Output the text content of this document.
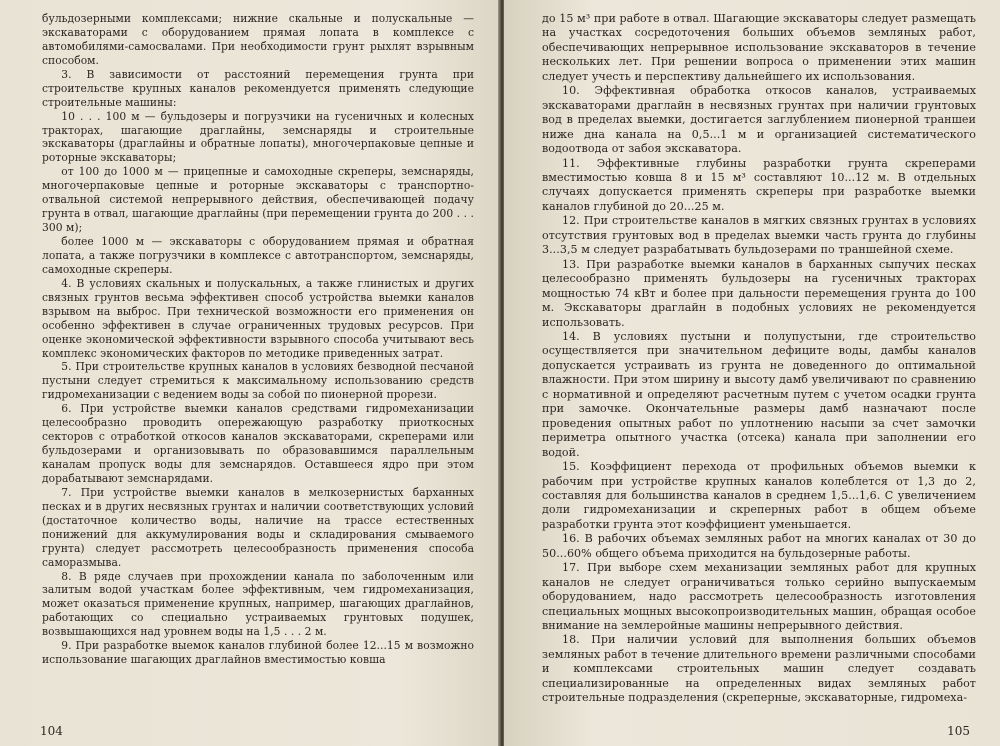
бульдозерными комплексами; нижние скальные и полускальные — экскаваторами с оборудованием прямая лопата в комплексе с автомобилями-самосвалами. При необходимости грунт рыхлят взрывным способом.

3. В зависимости от расстояний перемещения грунта при строительстве крупных каналов рекомендуется применять следующие строительные машины:

10 . . . 100 м — бульдозеры и погрузчики на гусеничных и колесных тракторах, шагающие драглайны, земснаряды и строительные экскаваторы (драглайны и обратные лопаты), многочерпаковые цепные и роторные экскаваторы;

от 100 до 1000 м — прицепные и самоходные скреперы, земснаряды, многочерпаковые цепные и роторные экскаваторы с транспортно-отвальной системой непрерывного действия, обеспечивающей подачу грунта в отвал, шагающие драглайны (при перемещении грунта до 200 . . . 300 м);

более 1000 м — экскаваторы с оборудованием прямая и обратная лопата, а также погрузчики в комплексе с автотранспортом, земснаряды, самоходные скреперы.

4. В условиях скальных и полускальных, а также глинистых и других связных грунтов весьма эффективен способ устройства выемки каналов взрывом на выброс. При технической возможности его применения он особенно эффективен в случае ограниченных трудовых ресурсов. При оценке экономической эффективности взрывного способа учитывают весь комплекс экономических факторов по методике приведенных затрат.

5. При строительстве крупных каналов в условиях безводной песчаной пустыни следует стремиться к максимальному использованию средств гидромеханизации с ведением воды за собой по пионерной прорези.

6. При устройстве выемки каналов средствами гидромеханизации целесообразно проводить опережающую разработку приоткосных секторов с отработкой откосов каналов экскаваторами, скреперами или бульдозерами и организовывать по образовавшимся параллельным каналам пропуск воды для земснарядов. Оставшееся ядро при этом дорабатывают земснарядами.

7. При устройстве выемки каналов в мелкозернистых барханных песках и в других несвязных грунтах и наличии соответствующих условий (достаточное количество воды, наличие на трассе естественных понижений для аккумулирования воды и складирования смываемого грунта) следует рассмотреть целесообразность применения способа саморазмыва.

8. В ряде случаев при прохождении канала по заболоченным или залитым водой участкам более эффективным, чем гидромеханизация, может оказаться применение крупных, например, шагающих драглайнов, работающих со специально устраиваемых грунтовых подушек, возвышающихся над уровнем воды на 1,5 . . . 2 м.

9. При разработке выемок каналов глубиной более 12...15 м возможно использование шагающих драглайнов вместимостью ковша

104

до 15 м³ при работе в отвал. Шагающие экскаваторы следует размещать на участках сосредоточения больших объемов земляных работ, обеспечивающих непрерывное использование экскаваторов в течение нескольких лет. При решении вопроса о применении этих машин следует учесть и перспективу дальнейшего их использования.

10. Эффективная обработка откосов каналов, устраиваемых экскаваторами драглайн в несвязных грунтах при наличии грунтовых вод в пределах выемки, достигается заглублением пионерной траншеи ниже дна канала на 0,5...1 м и организацией систематического водоотвода от забоя экскаватора.

11. Эффективные глубины разработки грунта скреперами вместимостью ковша 8 и 15 м³ составляют 10...12 м. В отдельных случаях допускается применять скреперы при разработке выемки каналов глубиной до 20...25 м.

12. При строительстве каналов в мягких связных грунтах в условиях отсутствия грунтовых вод в пределах выемки часть грунта до глубины 3...3,5 м следует разрабатывать бульдозерами по траншейной схеме.

13. При разработке выемки каналов в барханных сыпучих песках целесообразно применять бульдозеры на гусеничных тракторах мощностью 74 кВт и более при дальности перемещения грунта до 100 м. Экскаваторы драглайн в подобных условиях не рекомендуется использовать.

14. В условиях пустыни и полупустыни, где строительство осуществляется при значительном дефиците воды, дамбы каналов допускается устраивать из грунта не доведенного до оптимальной влажности. При этом ширину и высоту дамб увеличивают по сравнению с нормативной и определяют расчетным путем с учетом осадки грунта при замочке. Окончательные размеры дамб назначают после проведения опытных работ по уплотнению насыпи за счет замочки периметра опытного участка (отсека) канала при заполнении его водой.

15. Коэффициент перехода от профильных объемов выемки к рабочим при устройстве крупных каналов колеблется от 1,3 до 2, составляя для большинства каналов в среднем 1,5...1,6. С увеличением доли гидромеханизации и скреперных работ в общем объеме разработки грунта этот коэффициент уменьшается.

16. В рабочих объемах земляных работ на многих каналах от 30 до 50...60% общего объема приходится на бульдозерные работы.

17. При выборе схем механизации земляных работ для крупных каналов не следует ограничиваться только серийно выпускаемым оборудованием, надо рассмотреть целесообразность изготовления специальных мощных высокопроизводительных машин, обращая особое внимание на землеройные машины непрерывного действия.

18. При наличии условий для выполнения больших объемов земляных работ в течение длительного времени различными способами и комплексами строительных машин следует создавать специализированные на определенных видах земляных работ строительные подразделения (скреперные, экскаваторные, гидромеха-

105
